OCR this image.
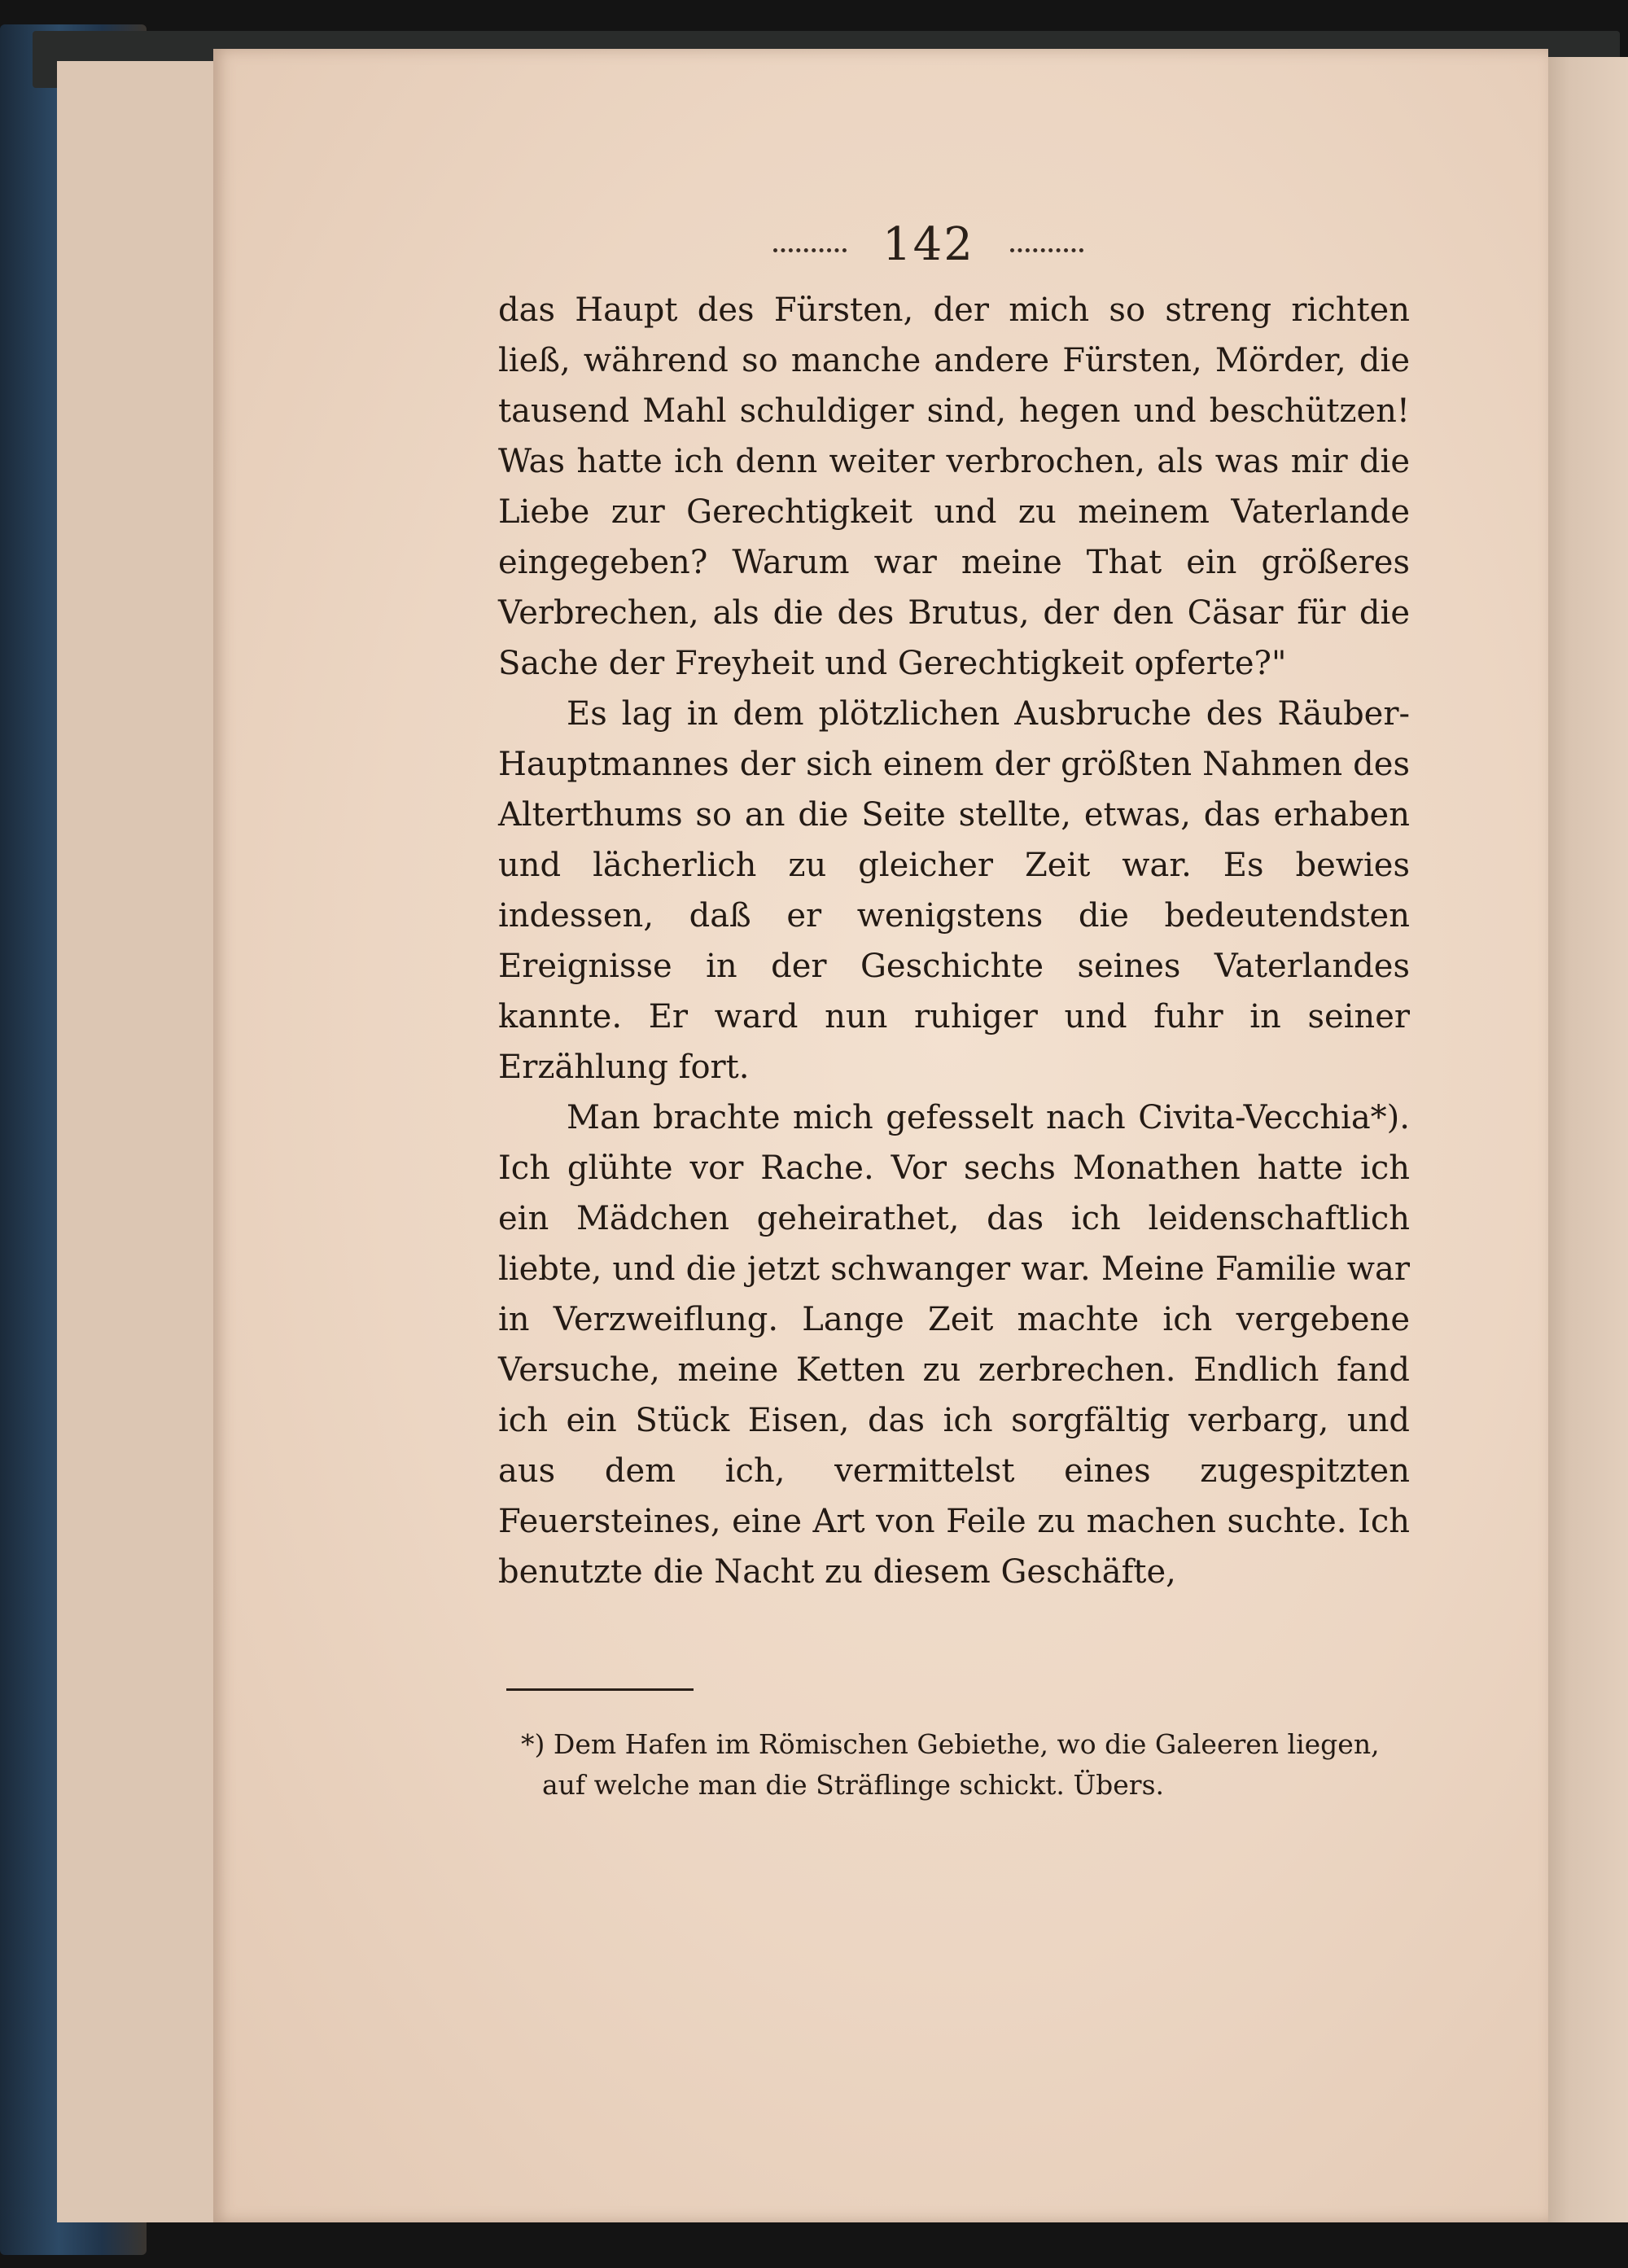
142

das Haupt des Fürsten, der mich so streng richten ließ, während so manche andere Fürsten, Mörder, die tausend Mahl schuldiger sind, hegen und beschützen! Was hatte ich denn weiter verbrochen, als was mir die Liebe zur Gerechtigkeit und zu meinem Vaterlande eingegeben? Warum war meine That ein größeres Verbrechen, als die des Brutus, der den Cäsar für die Sache der Freyheit und Gerechtigkeit opferte?"

Es lag in dem plötzlichen Ausbruche des Räuber-Hauptmannes der sich einem der größten Nahmen des Alterthums so an die Seite stellte, etwas, das erhaben und lächerlich zu gleicher Zeit war. Es bewies indessen, daß er wenigstens die bedeutendsten Ereignisse in der Geschichte seines Vaterlandes kannte. Er ward nun ruhiger und fuhr in seiner Erzählung fort.

Man brachte mich gefesselt nach Civita-Vecchia*). Ich glühte vor Rache. Vor sechs Monathen hatte ich ein Mädchen geheirathet, das ich leidenschaftlich liebte, und die jetzt schwanger war. Meine Familie war in Verzweiflung. Lange Zeit machte ich vergebene Versuche, meine Ketten zu zerbrechen. Endlich fand ich ein Stück Eisen, das ich sorgfältig verbarg, und aus dem ich, vermittelst eines zugespitzten Feuersteines, eine Art von Feile zu machen suchte. Ich benutzte die Nacht zu diesem Geschäfte,

*) Dem Hafen im Römischen Gebiethe, wo die Galeeren liegen, auf welche man die Sträflinge schickt. Übers.
